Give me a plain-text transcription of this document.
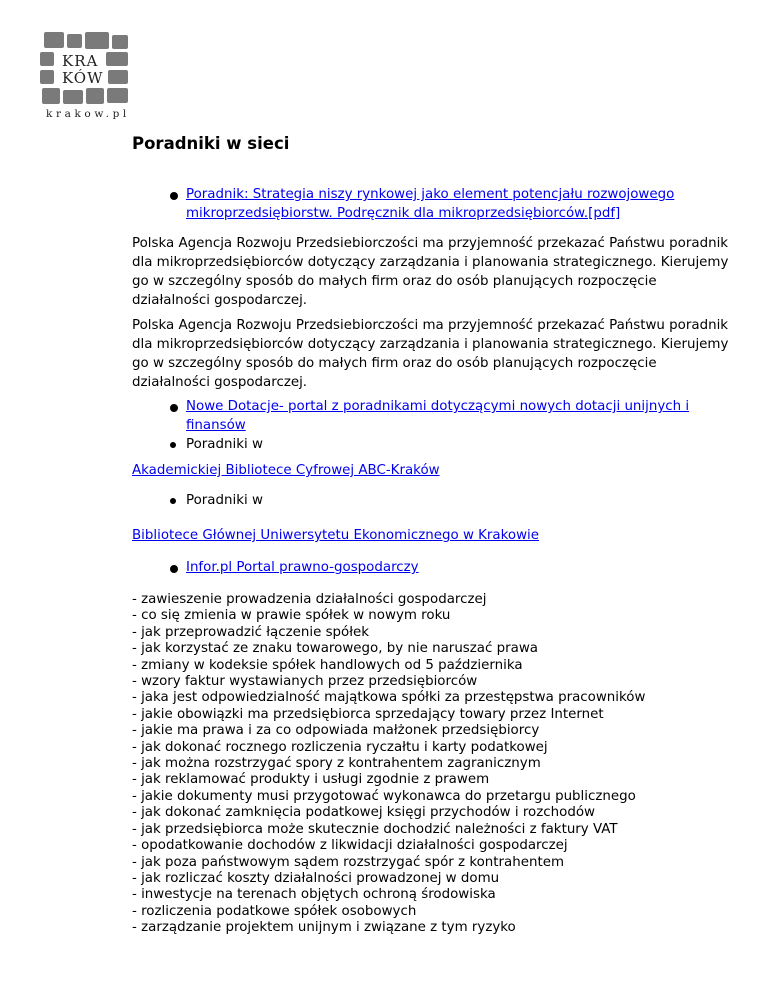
KRA
KÓW
krakow.pl
Poradniki w sieci
Poradnik: Strategia niszy rynkowej jako element potencjału rozwojowego mikroprzedsiębiorstw. Podręcznik dla mikroprzedsiębiorców.[pdf]

Polska Agencja Rozwoju Przedsiebiorczości ma przyjemność przekazać Państwu poradnik dla mikroprzedsiębiorców dotyczący zarządzania i planowania strategicznego. Kierujemy go w szczególny sposób do małych firm oraz do osób planujących rozpoczęcie działalności gospodarczej.

Polska Agencja Rozwoju Przedsiebiorczości ma przyjemność przekazać Państwu poradnik dla mikroprzedsiębiorców dotyczący zarządzania i planowania strategicznego. Kierujemy go w szczególny sposób do małych firm oraz do osób planujących rozpoczęcie działalności gospodarczej.

Nowe Dotacje- portal z poradnikami dotyczącymi nowych dotacji unijnych i finansów
Poradniki w

Akademickiej Bibliotece Cyfrowej ABC-Kraków

Poradniki w

Bibliotece Głównej Uniwersytetu Ekonomicznego w Krakowie

Infor.pl Portal prawno-gospodarczy
- zawieszenie prowadzenia działalności gospodarczej
- co się zmienia w prawie spółek w nowym roku
- jak przeprowadzić łączenie spółek
- jak korzystać ze znaku towarowego, by nie naruszać prawa
- zmiany w kodeksie spółek handlowych od 5 października
- wzory faktur wystawianych przez przedsiębiorców
- jaka jest odpowiedzialność majątkowa spółki za przestępstwa pracowników
- jakie obowiązki ma przedsiębiorca sprzedający towary przez Internet
- jakie ma prawa i za co odpowiada małżonek przedsiębiorcy
- jak dokonać rocznego rozliczenia ryczałtu i karty podatkowej
- jak można rozstrzygać spory z kontrahentem zagranicznym
- jak reklamować produkty i usługi zgodnie z prawem
- jakie dokumenty musi przygotować wykonawca do przetargu publicznego
- jak dokonać zamknięcia podatkowej księgi przychodów i rozchodów
- jak przedsiębiorca może skutecznie dochodzić należności z faktury VAT
- opodatkowanie dochodów z likwidacji działalności gospodarczej
- jak poza państwowym sądem rozstrzygać spór z kontrahentem
- jak rozliczać koszty działalności prowadzonej w domu
- inwestycje na terenach objętych ochroną środowiska
- rozliczenia podatkowe spółek osobowych
- zarządzanie projektem unijnym i związane z tym ryzyko
